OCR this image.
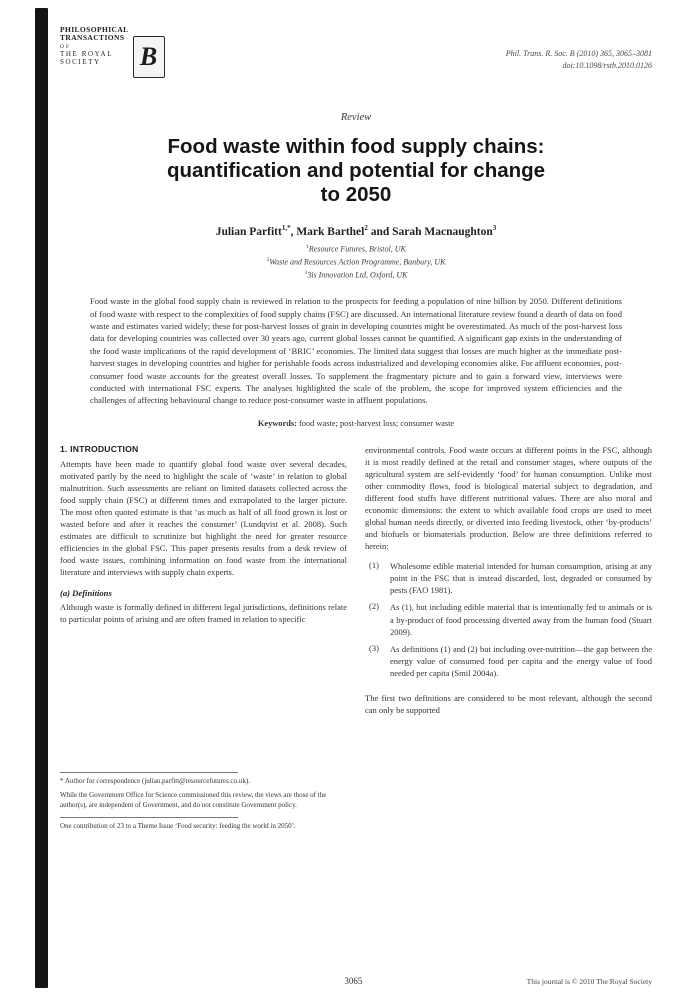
PHILOSOPHICAL
TRANSACTIONS
OF
THE ROYAL
SOCIETY	B	Phil. Trans. R. Soc. B (2010) 365, 3065–3081
doi:10.1098/rstb.2010.0126
Review
Food waste within food supply chains:
quantification and potential for change
to 2050
Julian Parfitt$^{1,*}$, Mark Barthel$^2$ and Sarah Macnaughton$^3$
$^1$Resource Futures, Bristol, UK
$^2$Waste and Resources Action Programme, Banbury, UK
$^3$3is Innovation Ltd, Oxford, UK

Food waste in the global food supply chain is reviewed in relation to the prospects for feeding a population of nine billion by 2050. Different definitions of food waste with respect to the complexities of food supply chains (FSC) are discussed. An international literature review found a dearth of data on food waste and estimates varied widely; these for post-harvest losses of grain in developing countries might be overestimated. As much of the post-harvest loss data for developing countries was collected over 30 years ago, current global losses cannot be quantified. A significant gap exists in the understanding of the food waste implications of the rapid development of ‘BRIC’ economies. The limited data suggest that losses are much higher at the immediate post-harvest stages in developing countries and higher for perishable foods across industrialized and developing economies alike. For affluent economies, post-consumer food waste accounts for the greatest overall losses. To supplement the fragmentary picture and to gain a forward view, interviews were conducted with international FSC experts. The analyses highlighted the scale of the problem, the scope for improved system efficiencies and the challenges of affecting behavioural change to reduce post-consumer waste in affluent populations.

Keywords: food waste; post-harvest loss; consumer waste

1. INTRODUCTION

Attempts have been made to quantify global food waste over several decades, motivated partly by the need to highlight the scale of ‘waste’ in relation to global malnutrition. Such assessments are reliant on limited datasets collected across the food supply chain (FSC) at different times and extrapolated to the larger picture. The most often quoted estimate is that ‘as much as half of all food grown is lost or wasted before and after it reaches the consumer’ (Lundqvist et al. 2008). Such estimates are difficult to scrutinize but highlight the need for greater resource efficiencies in the global FSC. This paper presents results from a desk review of food waste issues, combining information on food waste from the international literature and interviews with supply chain experts.

(a) Definitions

Although waste is formally defined in different legal jurisdictions, definitions relate to particular points of arising and are often framed in relation to specific

* Author for correspondence (julian.parfitt@resourcefutures.co.uk).

While the Government Office for Science commissioned this review, the views are those of the author(s), are independent of Government, and do not constitute Government policy.

One contribution of 23 to a Theme Issue ‘Food security: feeding the world in 2050’.

environmental controls. Food waste occurs at different points in the FSC, although it is most readily defined at the retail and consumer stages, where outputs of the agricultural system are self-evidently ‘food’ for human consumption. Unlike most other commodity flows, food is biological material subject to degradation, and different food stuffs have different nutritional values. There are also moral and economic dimensions: the extent to which available food crops are used to meet global human needs directly, or diverted into feeding livestock, other ‘by-products’ and biofuels or biomaterials production. Below are three definitions referred to herein:

(1)	Wholesome edible material intended for human consumption, arising at any point in the FSC that is instead discarded, lost, degraded or consumed by pests (FAO 1981).
(2)	As (1), but including edible material that is intentionally fed to animals or is a by-product of food processing diverted away from the human food (Stuart 2009).
(3)	As definitions (1) and (2) but including over-nutrition—the gap between the energy value of consumed food per capita and the energy value of food needed per capita (Smil 2004a).

The first two definitions are considered to be most relevant, although the second can only be supported

3065	This journal is © 2010 The Royal Society
